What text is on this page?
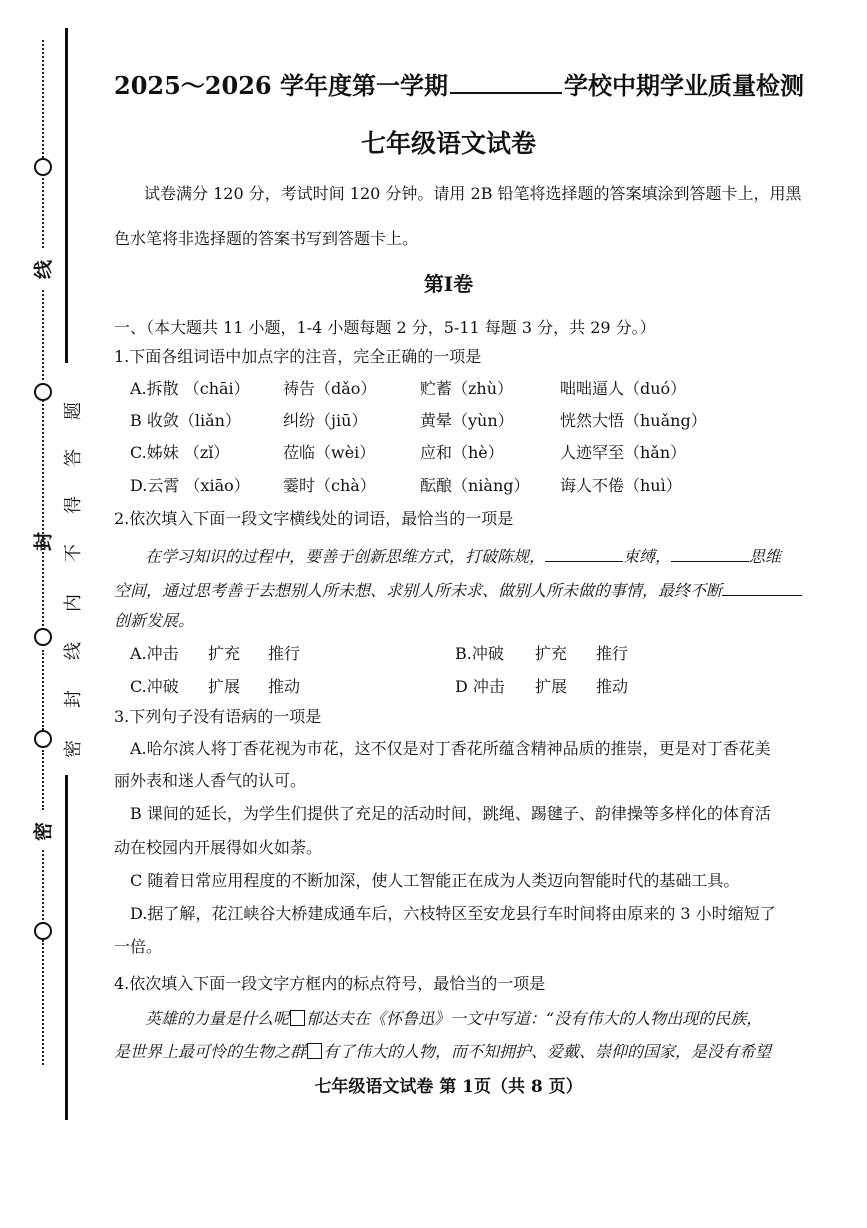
线
封
密
题
答
得
不
内
线
封
密
2025～2026 学年度第一学期	学校中期学业质量检测
七年级语文试卷
试卷满分 120 分，考试时间 120 分钟。请用 2B 铅笔将选择题的答案填涂到答题卡上，用黑
色水笔将非选择题的答案书写到答题卡上。
第Ⅰ卷
一、（本大题共 11 小题，1-4 小题每题 2 分，5-11 每题 3 分，共 29 分。）
1.下面各组词语中加点字的注音，完全正确的一项是
A.拆散 （chāi） 祷告（dǎo）	贮蓄（zhù）	咄咄逼人（duó）
B 收敛（liǎn）	纠纷（jiū）	黄晕（yùn）	恍然大悟（huǎng）
C.姊妹 （zǐ）	莅临（wèi）	应和（hè）	人迹罕至（hǎn）
D.云霄 （xiāo） 霎时（chà）	酝酿（niàng） 诲人不倦（huì）
2.依次填入下面一段文字横线处的词语，最恰当的一项是
在学习知识的过程中，要善于创新思维方式，打破陈规，	束缚，	思维
空间，通过思考善于去想别人所未想、求别人所未求、做别人所未做的事情，最终不断
创新发展。
A.冲击 扩充 推行	B.冲破 扩充 推行
C.冲破 扩展 推动	D 冲击 扩展 推动
3.下列句子没有语病的一项是
A.哈尔滨人将丁香花视为市花，这不仅是对丁香花所蕴含精神品质的推崇，更是对丁香花美
丽外表和迷人香气的认可。
B 课间的延长，为学生们提供了充足的活动时间，跳绳、踢毽子、韵律操等多样化的体育活
动在校园内开展得如火如荼。
C 随着日常应用程度的不断加深，使人工智能正在成为人类迈向智能时代的基础工具。
D.据了解，花江峡谷大桥建成通车后，六枝特区至安龙县行车时间将由原来的 3 小时缩短了
一倍。
4.依次填入下面一段文字方框内的标点符号，最恰当的一项是
英雄的力量是什么呢 郁达夫在《怀鲁迅》一文中写道：“没有伟大的人物出现的民族，
是世界上最可怜的生物之群 有了伟大的人物，而不知拥护、爱戴、崇仰的国家，是没有希望
七年级语文试卷 第 1页（共 8 页）
